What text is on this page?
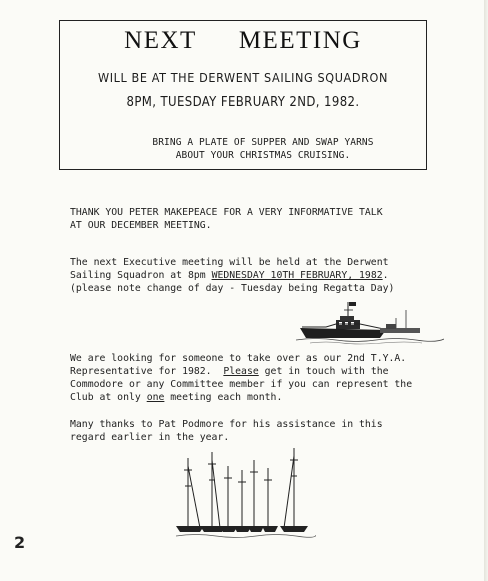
NEXT MEETING
WILL BE AT THE DERWENT SAILING SQUADRON
8PM, TUESDAY FEBRUARY 2ND, 1982.
BRING A PLATE OF SUPPER AND SWAP YARNS
ABOUT YOUR CHRISTMAS CRUISING.
THANK YOU PETER MAKEPEACE FOR A VERY INFORMATIVE TALK
AT OUR DECEMBER MEETING.
The next Executive meeting will be held at the Derwent
Sailing Squadron at 8pm WEDNESDAY 10TH FEBRUARY, 1982.
(please note change of day - Tuesday being Regatta Day)
We are looking for someone to take over as our 2nd T.Y.A.
Representative for 1982.  Please get in touch with the
Commodore or any Committee member if you can represent the
Club at only one meeting each month.
Many thanks to Pat Podmore for his assistance in this
regard earlier in the year.
2
